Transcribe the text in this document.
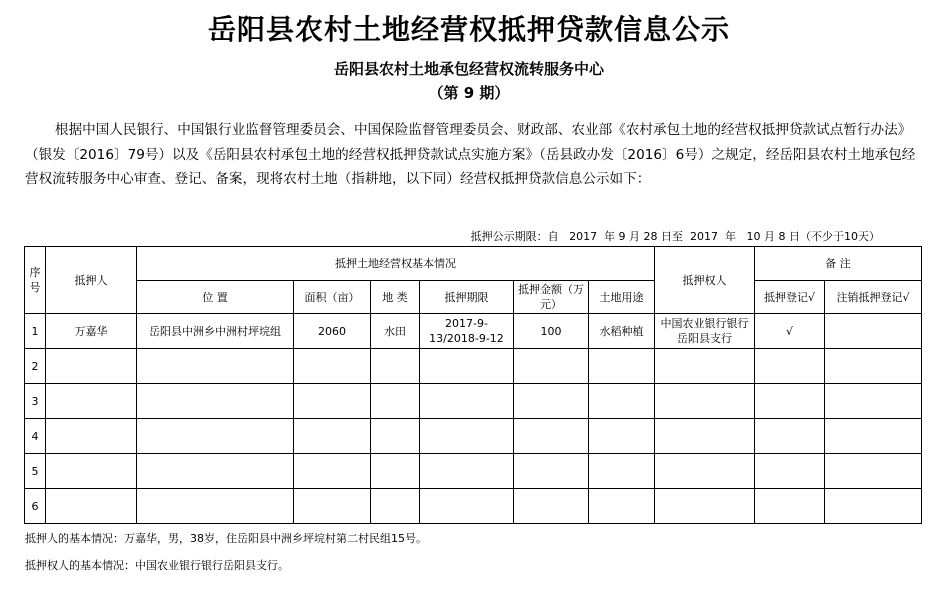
岳阳县农村土地经营权抵押贷款信息公示
岳阳县农村土地承包经营权流转服务中心
（第 9 期）

根据中国人民银行、中国银行业监督管理委员会、中国保险监督管理委员会、财政部、农业部《农村承包土地的经营权抵押贷款试点暂行办法》（银发〔2016〕79号）以及《岳阳县农村承包土地的经营权抵押贷款试点实施方案》（岳县政办发〔2016〕6号）之规定，经岳阳县农村土地承包经营权流转服务中心审查、登记、备案，现将农村土地（指耕地，以下同）经营权抵押贷款信息公示如下：

抵押公示期限：自   2017  年 9 月 28 日至  2017  年   10 月 8 日（不少于10天）
序号	抵押人	抵押土地经营权基本情况						抵押权人	备 注	
		位 置	面积（亩）	地 类	抵押期限	抵押金额（万元）	土地用途		抵押登记√	注销抵押登记√
1	万嘉华	岳阳县中洲乡中洲村坪垸组	2060	水田	2017-9-13/2018-9-12	100	水稻种植	中国农业银行银行岳阳县支行	√	
2										
3										
4										
5										
6										
抵押人的基本情况：万嘉华，男，38岁，住岳阳县中洲乡坪垸村第二村民组15号。
抵押权人的基本情况：中国农业银行银行岳阳县支行。
